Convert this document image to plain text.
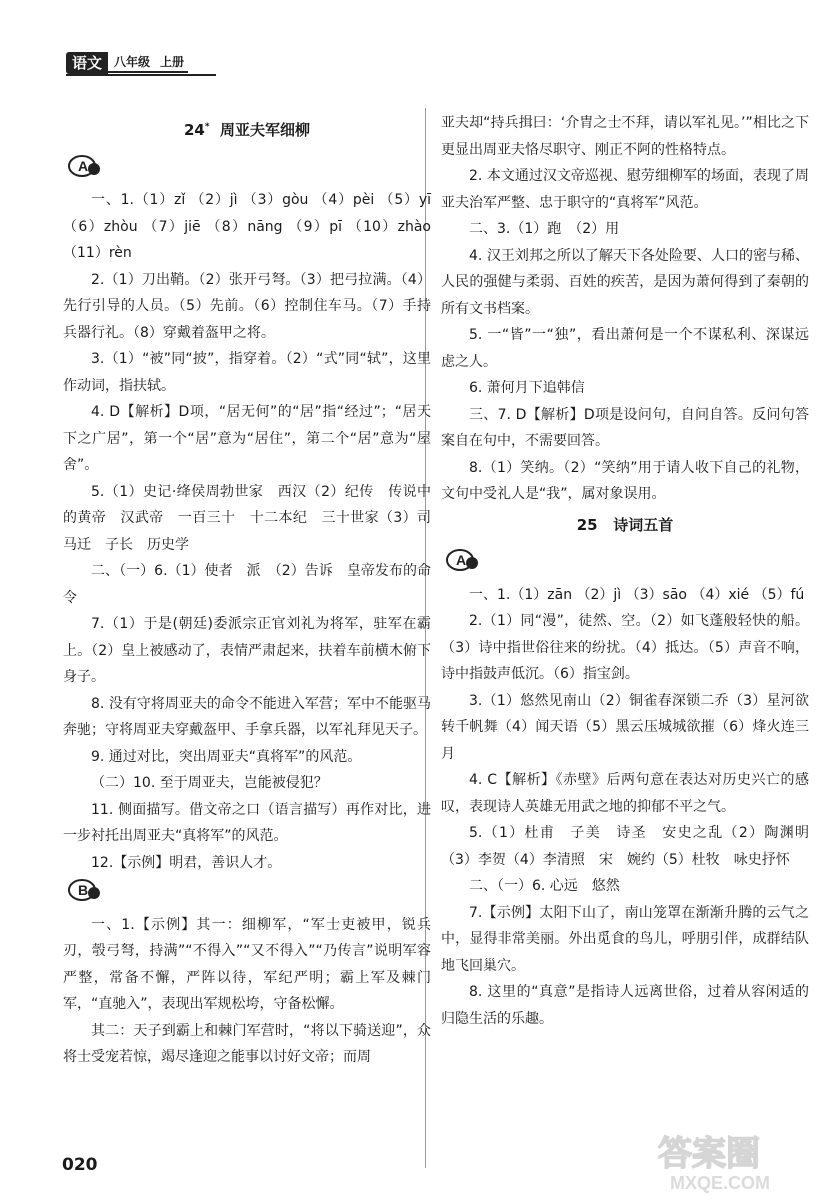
语文	八年级 上册
24* 周亚夫军细柳
A

一、1.（1）zǐ （2）jì （3）gòu （4）pèi （5）yī （6）zhòu （7）jiē （8）nāng （9）pī （10）zhào （11）rèn

2.（1）刀出鞘。（2）张开弓弩。（3）把弓拉满。（4）先行引导的人员。（5）先前。（6）控制住车马。（7）手持兵器行礼。（8）穿戴着盔甲之将。

3.（1）“被”同“披”，指穿着。（2）“式”同“轼”，这里作动词，指扶轼。

4. D【解析】D项，“居无何”的“居”指“经过”；“居天下之广居”，第一个“居”意为“居住”，第二个“居”意为“屋舍”。

5.（1）史记·绛侯周勃世家　西汉（2）纪传　传说中的黄帝　汉武帝　一百三十　十二本纪　三十世家（3）司马迁　子长　历史学

二、（一）6.（1）使者　派　（2）告诉　皇帝发布的命令

7.（1）于是(朝廷)委派宗正官刘礼为将军，驻军在霸上。（2）皇上被感动了，表情严肃起来，扶着车前横木俯下身子。

8. 没有守将周亚夫的命令不能进入军营；军中不能驱马奔驰；守将周亚夫穿戴盔甲、手拿兵器，以军礼拜见天子。

9. 通过对比，突出周亚夫“真将军”的风范。

（二）10. 至于周亚夫，岂能被侵犯？

11. 侧面描写。借文帝之口（语言描写）再作对比，进一步衬托出周亚夫“真将军”的风范。

12.【示例】明君，善识人才。

B

一、1.【示例】其一：细柳军，“军士吏被甲，锐兵刃，彀弓弩，持满”“不得入”“又不得入”“乃传言”说明军容严整，常备不懈，严阵以待，军纪严明；霸上军及棘门军，“直驰入”，表现出军规松垮，守备松懈。

其二：天子到霸上和棘门军营时，“将以下骑送迎”，众将士受宠若惊，竭尽逢迎之能事以讨好文帝；而周

亚夫却“持兵揖曰：‘介胄之士不拜，请以军礼见。’”相比之下更显出周亚夫恪尽职守、刚正不阿的性格特点。

2. 本文通过汉文帝巡视、慰劳细柳军的场面，表现了周亚夫治军严整、忠于职守的“真将军”风范。

二、3.（1）跑　（2）用

4. 汉王刘邦之所以了解天下各处险要、人口的密与稀、人民的强健与柔弱、百姓的疾苦，是因为萧何得到了秦朝的所有文书档案。

5. 一“皆”一“独”，看出萧何是一个不谋私利、深谋远虑之人。

6. 萧何月下追韩信

三、7. D【解析】D项是设问句，自问自答。反问句答案自在句中，不需要回答。

8.（1）笑纳。（2）“笑纳”用于请人收下自己的礼物，文句中受礼人是“我”，属对象误用。

25 诗词五首
A

一、1.（1）zān （2）jì （3）sāo （4）xié （5）fú

2.（1）同“漫”，徒然、空。（2）如飞蓬般轻快的船。（3）诗中指世俗往来的纷扰。（4）抵达。（5）声音不响，诗中指鼓声低沉。（6）指宝剑。

3.（1）悠然见南山（2）铜雀春深锁二乔（3）星河欲转千帆舞（4）闻天语（5）黑云压城城欲摧（6）烽火连三月

4. C【解析】《赤壁》后两句意在表达对历史兴亡的感叹，表现诗人英雄无用武之地的抑郁不平之气。

5.（1）杜甫　子美　诗圣　安史之乱（2）陶渊明（3）李贺（4）李清照　宋　婉约（5）杜牧　咏史抒怀

二、（一）6. 心远　悠然

7.【示例】太阳下山了，南山笼罩在渐渐升腾的云气之中，显得非常美丽。外出觅食的鸟儿，呼朋引伴，成群结队地飞回巢穴。

8. 这里的“真意”是指诗人远离世俗，过着从容闲适的归隐生活的乐趣。

020	答案圈
MXQE.COM
